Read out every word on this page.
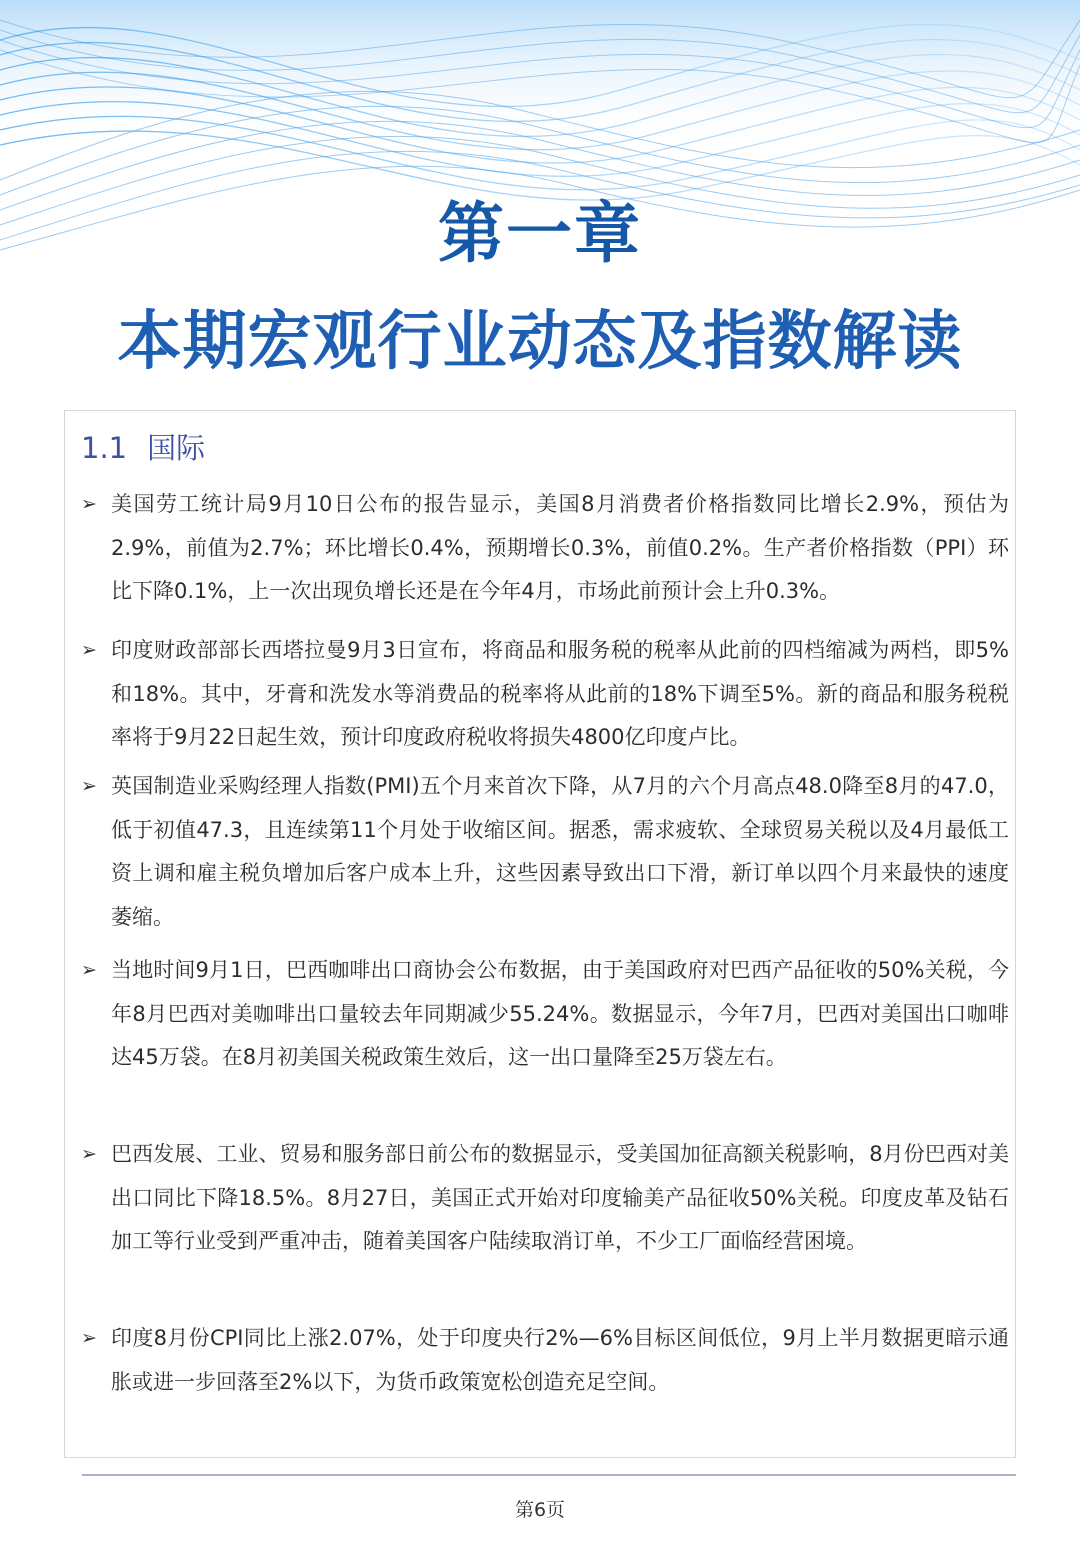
第一章
本期宏观行业动态及指数解读
1.1 国际
➢ 美国劳工统计局9月10日公布的报告显示，美国8月消费者价格指数同比增长2.9%，预估为2.9%，前值为2.7%；环比增长0.4%，预期增长0.3%，前值0.2%。生产者价格指数（PPI）环比下降0.1%，上一次出现负增长还是在今年4月，市场此前预计会上升0.3%。
➢ 印度财政部部长西塔拉曼9月3日宣布，将商品和服务税的税率从此前的四档缩减为两档，即5%和18%。其中，牙膏和洗发水等消费品的税率将从此前的18%下调至5%。新的商品和服务税税率将于9月22日起生效，预计印度政府税收将损失4800亿印度卢比。
➢ 英国制造业采购经理人指数(PMI)五个月来首次下降，从7月的六个月高点48.0降至8月的47.0，低于初值47.3，且连续第11个月处于收缩区间。据悉，需求疲软、全球贸易关税以及4月最低工资上调和雇主税负增加后客户成本上升，这些因素导致出口下滑，新订单以四个月来最快的速度萎缩。
➢ 当地时间9月1日，巴西咖啡出口商协会公布数据，由于美国政府对巴西产品征收的50%关税，今年8月巴西对美咖啡出口量较去年同期减少55.24%。数据显示，今年7月，巴西对美国出口咖啡达45万袋。在8月初美国关税政策生效后，这一出口量降至25万袋左右。
➢ 巴西发展、工业、贸易和服务部日前公布的数据显示，受美国加征高额关税影响，8月份巴西对美出口同比下降18.5%。8月27日，美国正式开始对印度输美产品征收50%关税。印度皮革及钻石加工等行业受到严重冲击，随着美国客户陆续取消订单，不少工厂面临经营困境。
➢ 印度8月份CPI同比上涨2.07%，处于印度央行2%—6%目标区间低位，9月上半月数据更暗示通胀或进一步回落至2%以下，为货币政策宽松创造充足空间。
第6页
